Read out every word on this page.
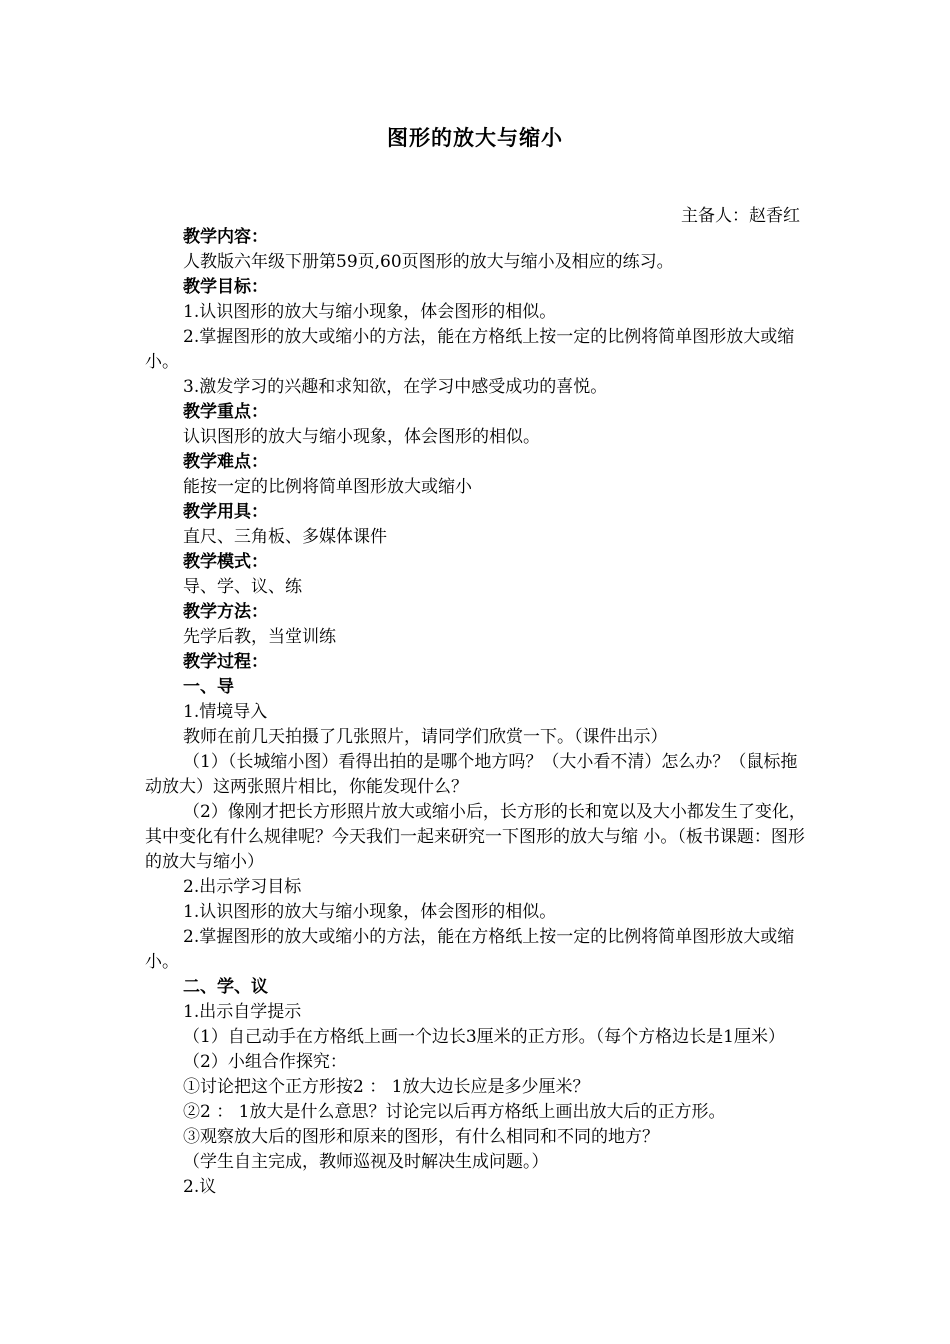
图形的放大与缩小
主备人：赵香红

教学内容：

人教版六年级下册第59页,60页图形的放大与缩小及相应的练习。

教学目标：

1.认识图形的放大与缩小现象，体会图形的相似。

2.掌握图形的放大或缩小的方法，能在方格纸上按一定的比例将简单图形放大或缩小。

3.激发学习的兴趣和求知欲，在学习中感受成功的喜悦。

教学重点：

认识图形的放大与缩小现象，体会图形的相似。

教学难点：

能按一定的比例将简单图形放大或缩小

教学用具：

直尺、三角板、多媒体课件

教学模式：

导、学、议、练

教学方法：

先学后教，当堂训练

教学过程：

一、导

1.情境导入

教师在前几天拍摄了几张照片，请同学们欣赏一下。（课件出示）

（1）（长城缩小图）看得出拍的是哪个地方吗？（大小看不清）怎么办？（鼠标拖动放大）这两张照片相比，你能发现什么？

（2）像刚才把长方形照片放大或缩小后，长方形的长和宽以及大小都发生了变化，其中变化有什么规律呢？今天我们一起来研究一下图形的放大与缩 小。（板书课题：图形的放大与缩小）

2.出示学习目标

1.认识图形的放大与缩小现象，体会图形的相似。

2.掌握图形的放大或缩小的方法，能在方格纸上按一定的比例将简单图形放大或缩小。

二、学、议

1.出示自学提示

（1）自己动手在方格纸上画一个边长3厘米的正方形。（每个方格边长是1厘米）

（2）小组合作探究：

①讨论把这个正方形按2 ： 1放大边长应是多少厘米？

②2 ： 1放大是什么意思？讨论完以后再方格纸上画出放大后的正方形。

③观察放大后的图形和原来的图形，有什么相同和不同的地方？

（学生自主完成，教师巡视及时解决生成问题。）

2.议
